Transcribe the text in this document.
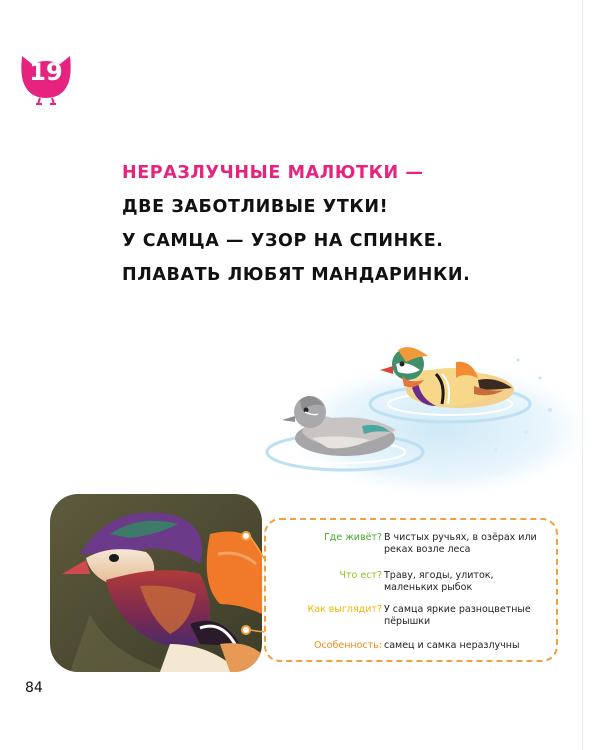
19
НЕРАЗЛУЧНЫЕ МАЛЮТКИ —
ДВЕ ЗАБОТЛИВЫЕ УТКИ!
У САМЦА — УЗОР НА СПИНКЕ.
ПЛАВАТЬ ЛЮБЯТ МАНДАРИНКИ.
Где живёт? В чистых ручьях, в озёрах или реках возле леса
Что ест? Траву, ягоды, улиток, маленьких рыбок
Как выглядит? У самца яркие разноцветные пёрышки
Особенность: самец и самка неразлучны
84
